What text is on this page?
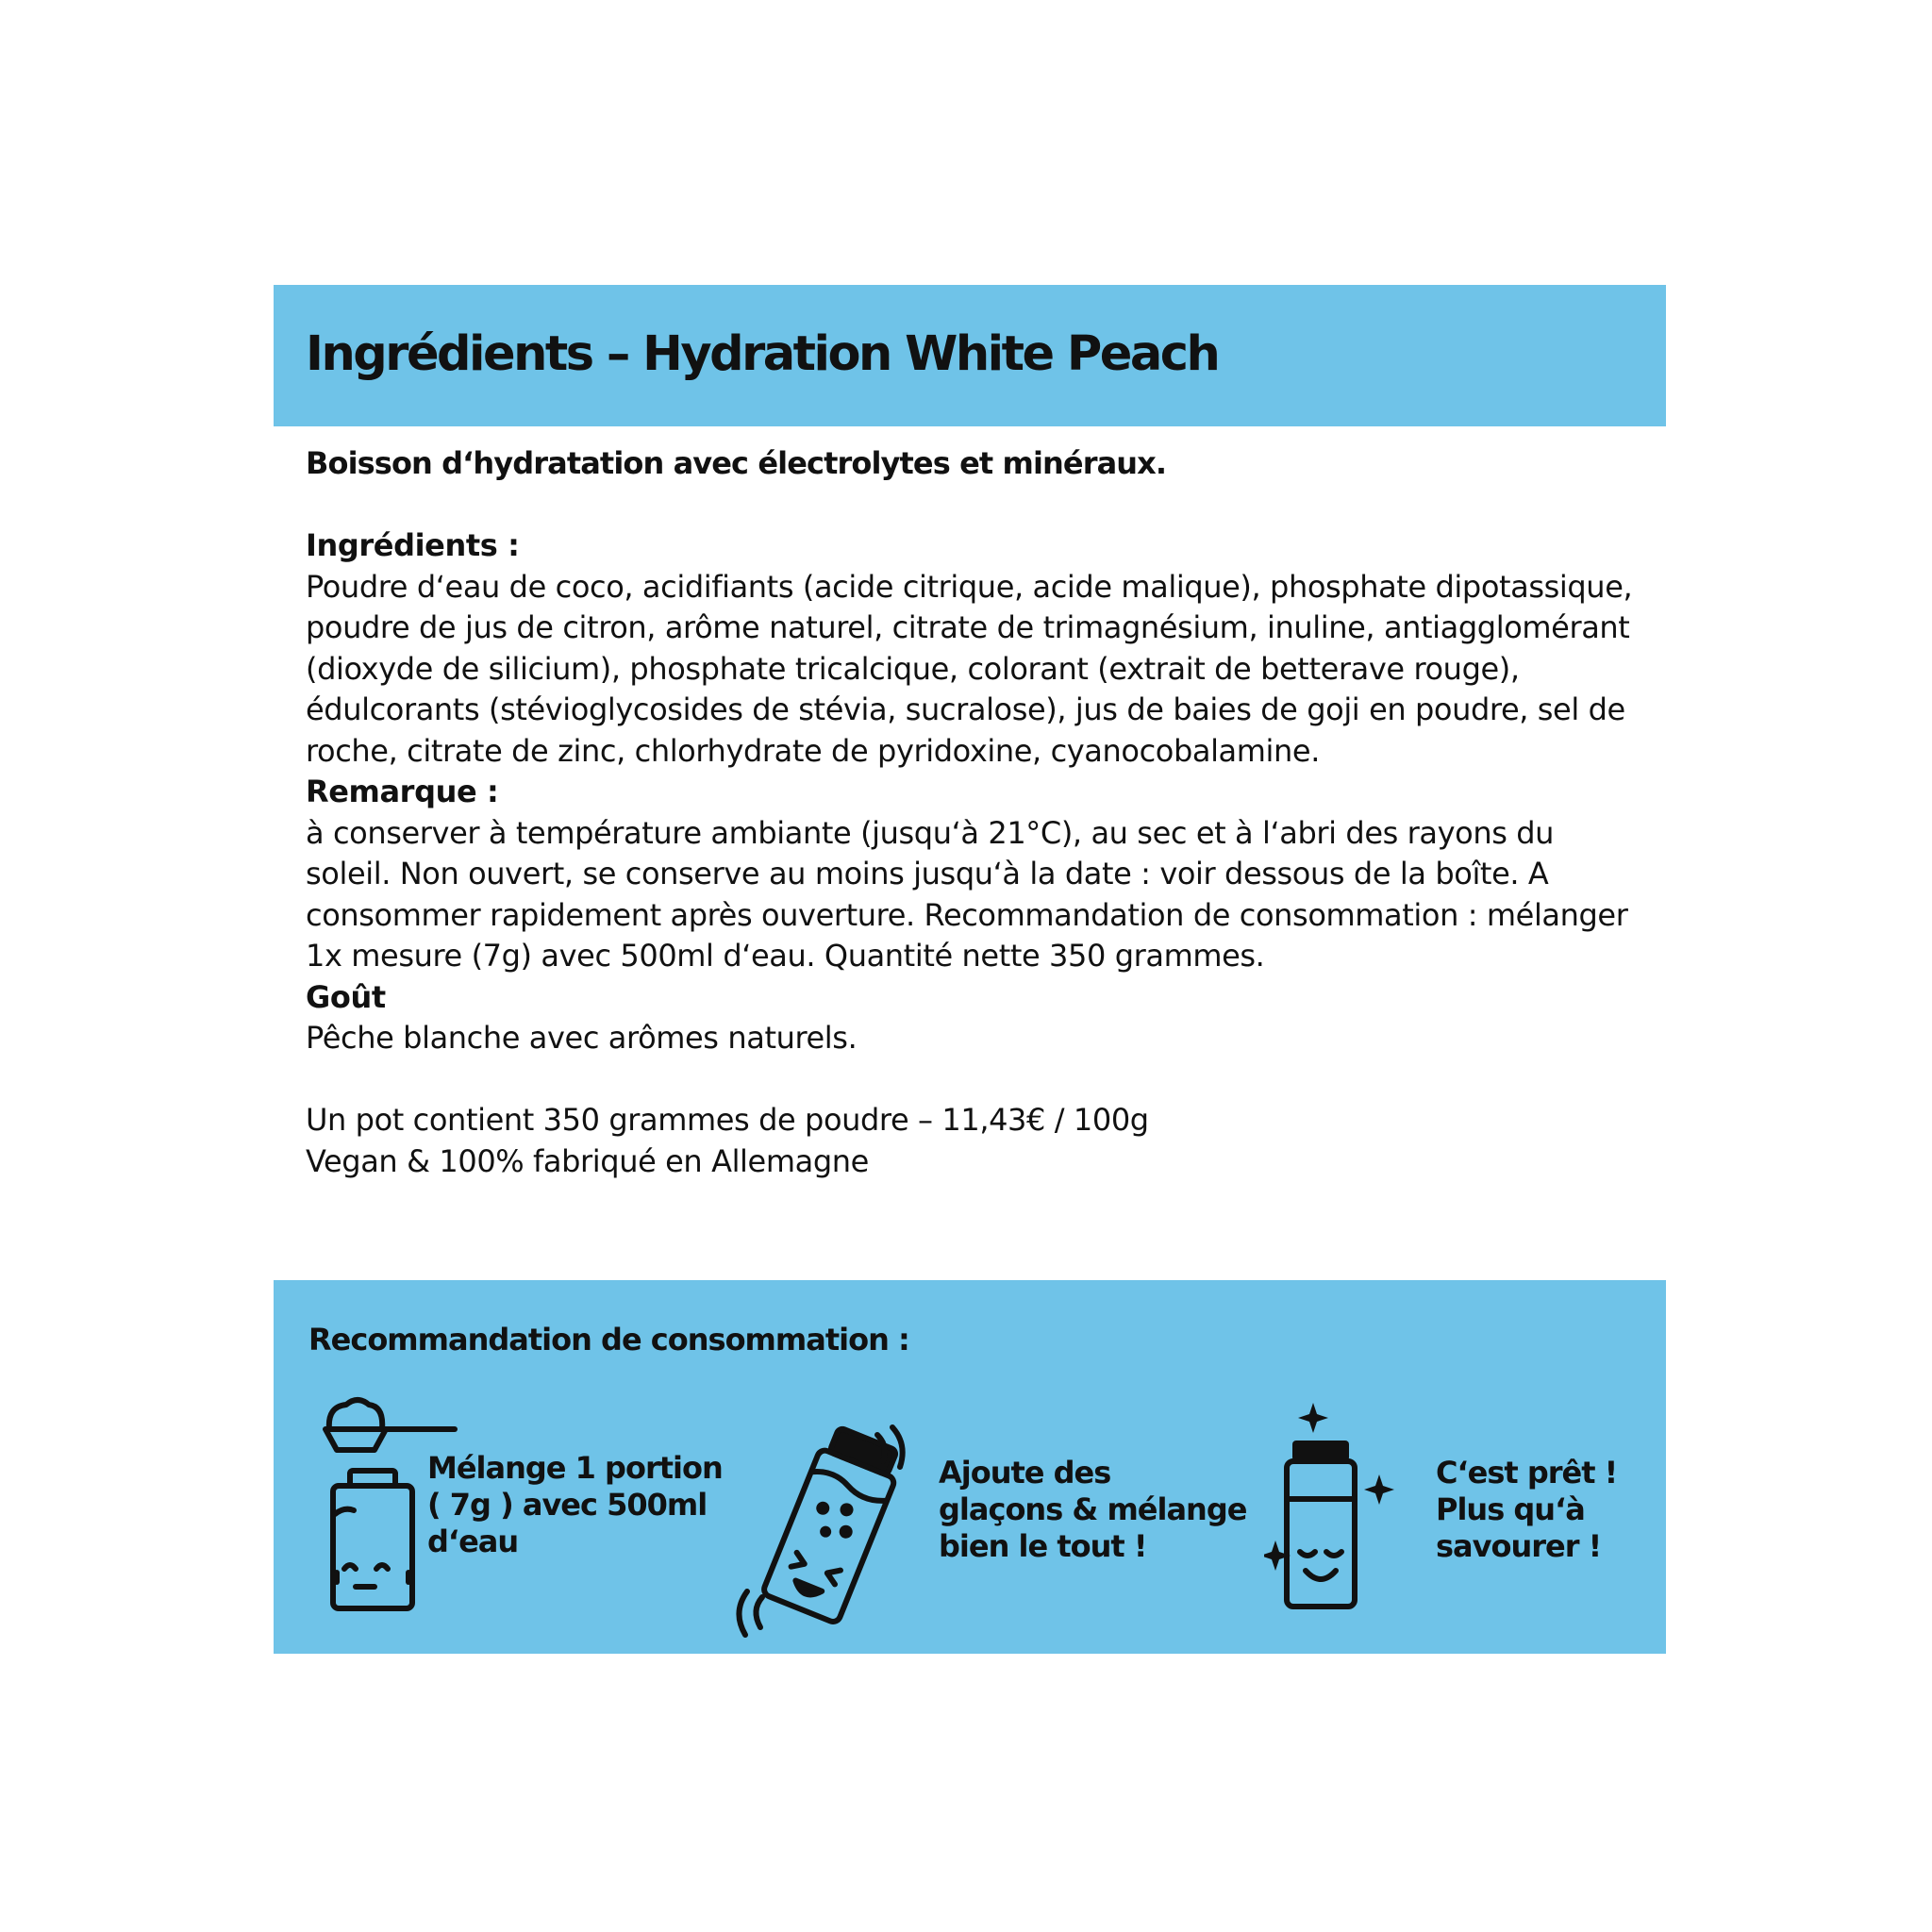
Ingrédients – Hydration White Peach

Boisson d‘hydratation avec électrolytes et minéraux.

Ingrédients :

Poudre d‘eau de coco, acidifiants (acide citrique, acide malique), phosphate dipotassique, poudre de jus de citron, arôme naturel, citrate de trimagnésium, inuline, antiagglomérant (dioxyde de silicium), phosphate tricalcique, colorant (extrait de betterave rouge), édulcorants (stévioglycosides de stévia, sucralose), jus de baies de goji en poudre, sel de roche, citrate de zinc, chlorhydrate de pyridoxine, cyanocobalamine.

Remarque :

à conserver à température ambiante (jusqu‘à 21°C), au sec et à l‘abri des rayons du soleil. Non ouvert, se conserve au moins jusqu‘à la date : voir dessous de la boîte. A consommer rapidement après ouverture. Recommandation de consommation : mélanger 1x mesure (7g) avec 500ml d‘eau. Quantité nette 350 grammes.

Goût

Pêche blanche avec arômes naturels.

Un pot contient 350 grammes de poudre – 11,43€ / 100g

Vegan & 100% fabriqué en Allemagne

Recommandation de consommation :

Mélange 1 portion
( 7g ) avec 500ml
d‘eau
Ajoute des
glaçons & mélange
bien le tout !
C‘est prêt !
Plus qu‘à
savourer !
